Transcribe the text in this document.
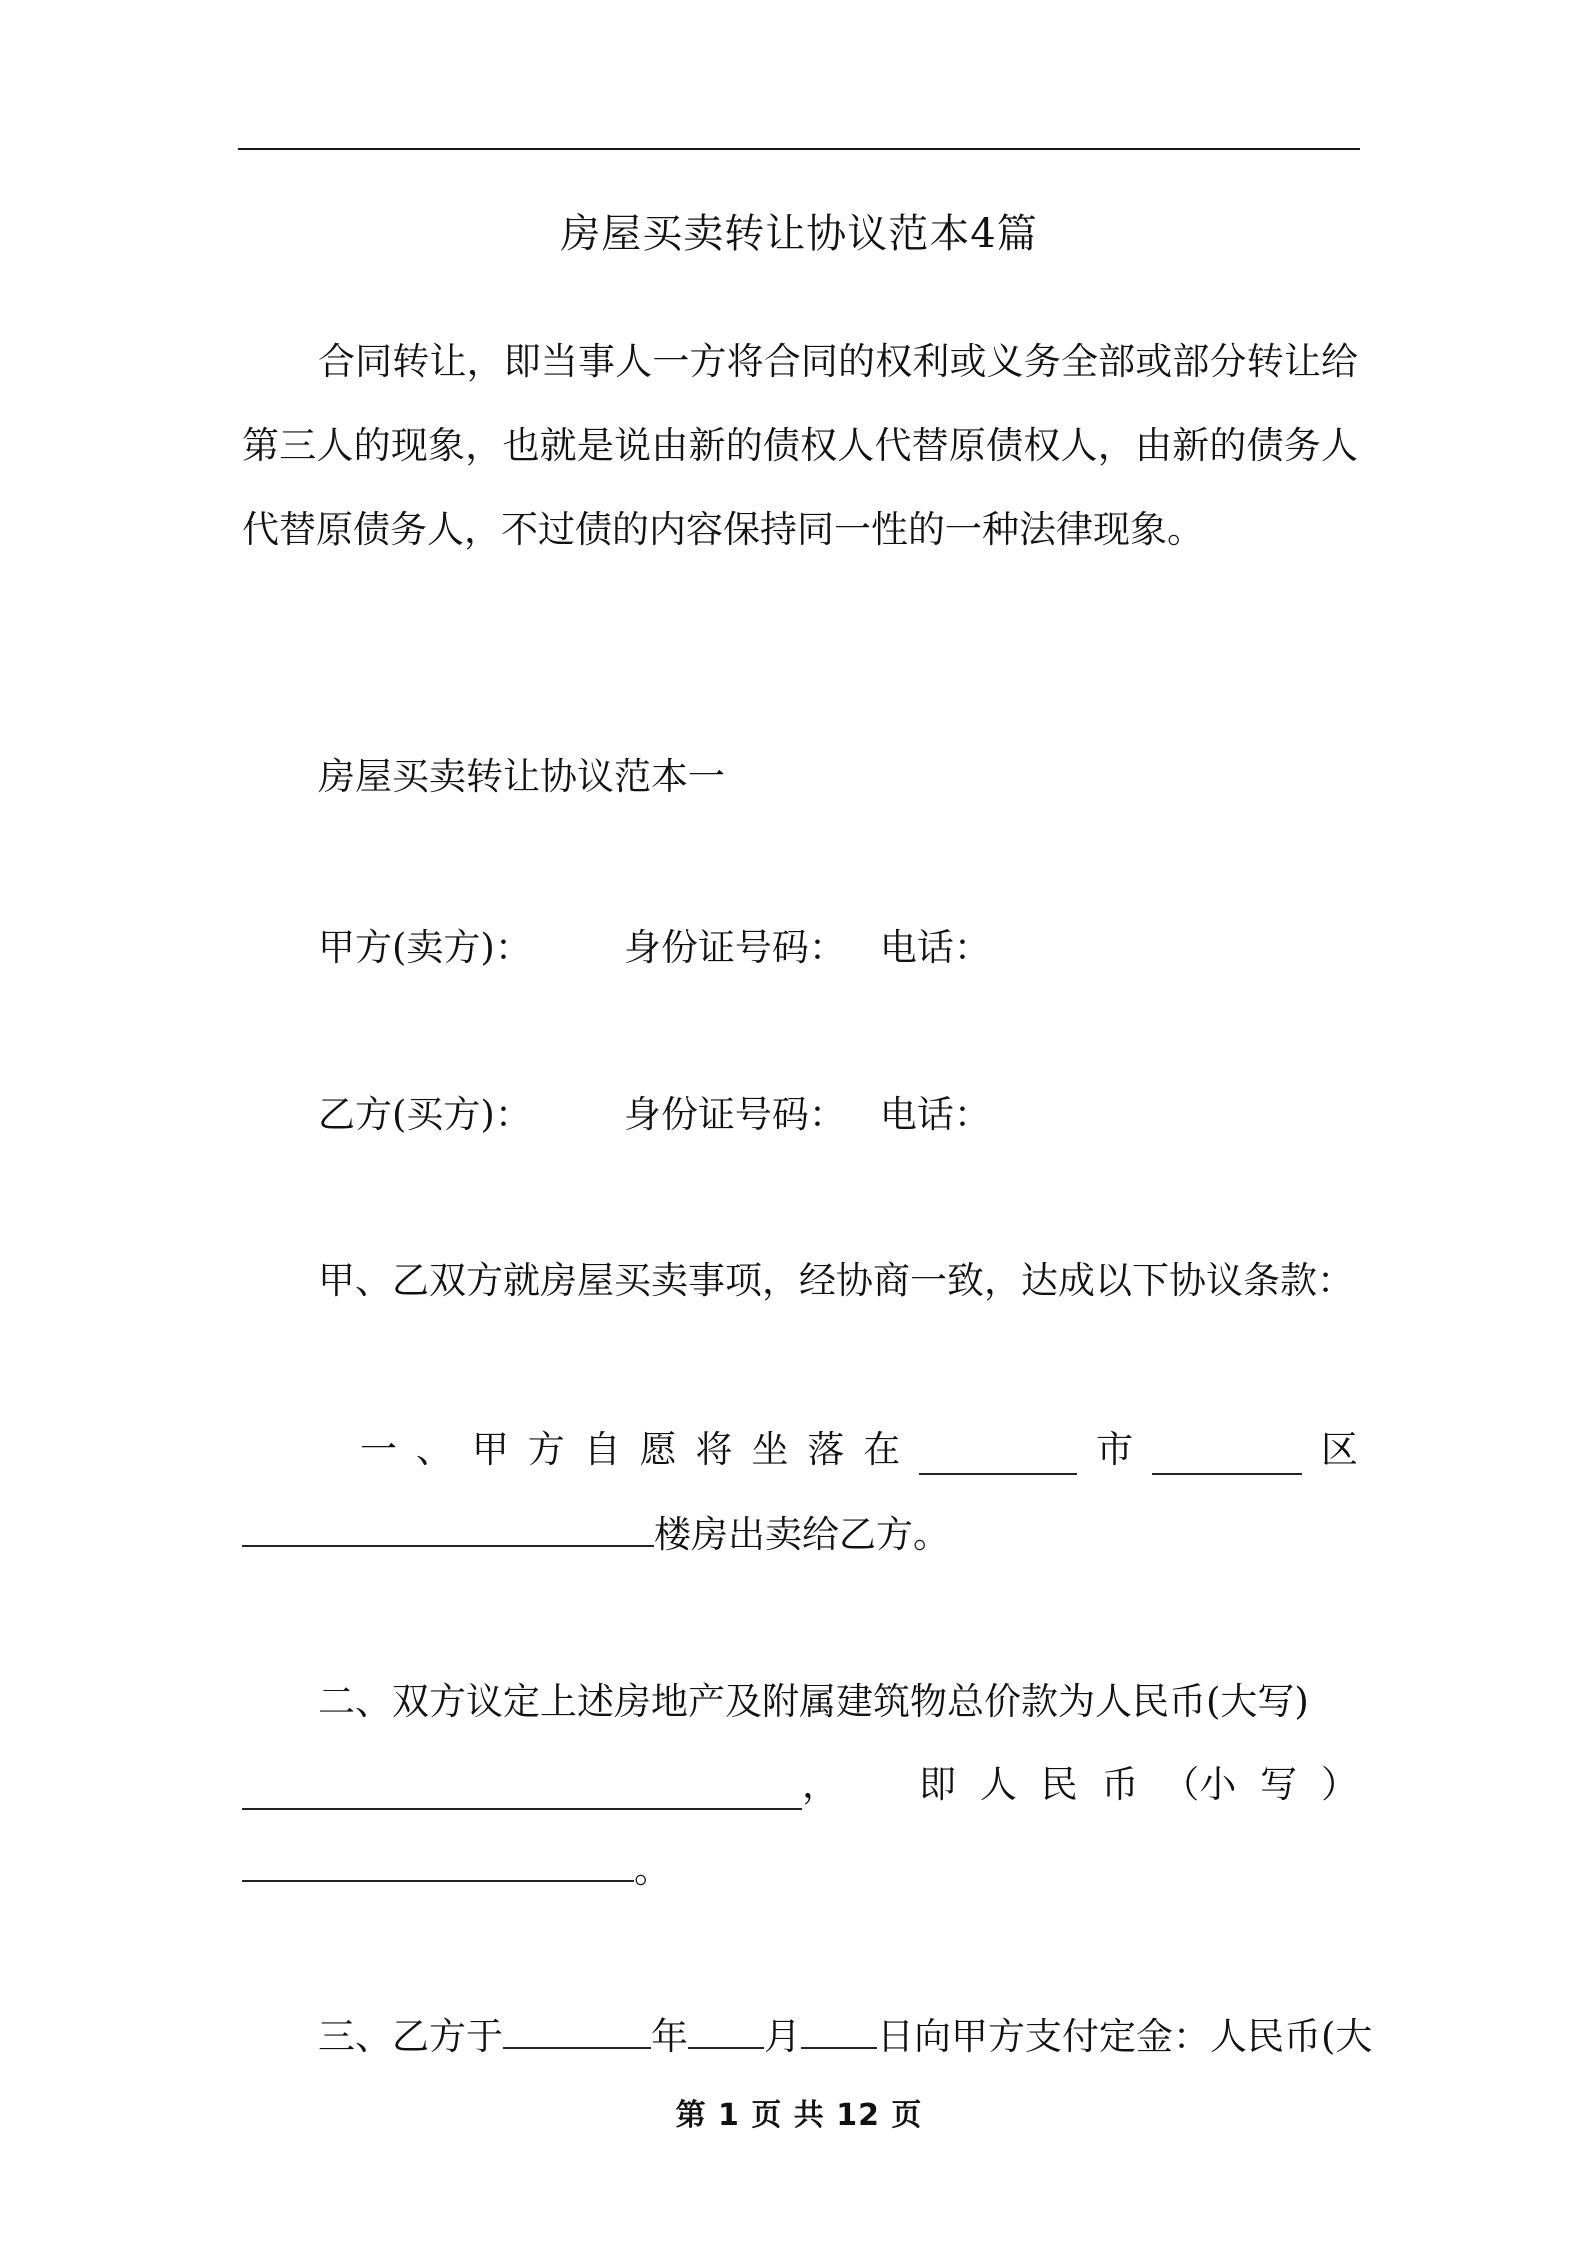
房屋买卖转让协议范本4篇
合同转让，即当事人一方将合同的权利或义务全部或部分转让给第三人的现象，也就是说由新的债权人代替原债权人，由新的债务人代替原债务人，不过债的内容保持同一性的一种法律现象。
房屋买卖转让协议范本一
甲方(卖方)： 身份证号码： 电话：
乙方(买方)： 身份证号码： 电话：
甲、乙双方就房屋买卖事项，经协商一致，达成以下协议条款：
一 、 甲 方 自 愿 将 坐 落 在	市	区
楼房出卖给乙方。
二、双方议定上述房地产及附属建筑物总价款为人民币(大写)
， 即 人 民 币 （小 写 ）
。
三、乙方于	年 月 日向甲方支付定金：人民币(大
第 1 页 共 12 页
